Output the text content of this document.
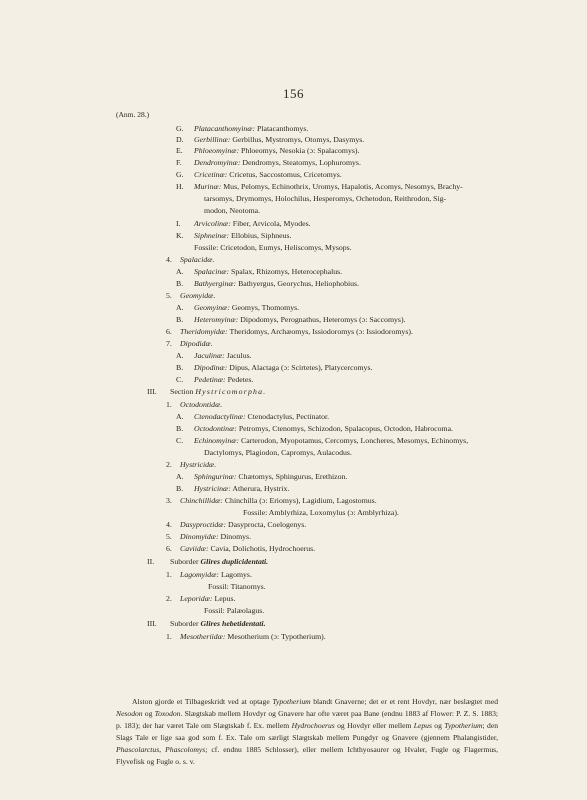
156
(Anm. 28.)
G. Platacanthomyinæ: Platacanthomys.
D. Gerbillinæ: Gerbillus, Mystromys, Otomys, Dasymys.
E. Phloeomyinæ: Phloeomys, Nesokia (ɔ: Spalacomys).
F. Dendromyinæ: Dendromys, Steatomys, Lophuromys.
G. Cricetinæ: Cricetus, Saccostomus, Cricetomys.
H. Murinæ: Mus, Pelomys, Echinothrix, Uromys, Hapalotis, Acomys, Nesomys, Brachy-
tarsomys, Drymomys, Holochilus, Hesperomys, Ochetodon, Reithrodon, Sig-
modon, Neotoma.
I. Arvicolinæ: Fiber, Arvicola, Myodes.
K. Siphneinæ: Ellobius, Siphneus.
Fossile: Cricetodon, Eumys, Heliscomys, Mysops.
4. Spalacidæ.
A. Spalacinæ: Spalax, Rhizomys, Heterocephalus.
B. Bathyerginæ: Bathyergus, Georychus, Heliophobius.
5. Geomyidæ.
A. Geomyinæ: Geomys, Thomomys.
B. Heteromyinæ: Dipodomys, Perognathus, Heteromys (ɔ: Saccomys).
6. Theridomyidæ: Theridomys, Archæomys, Issiodoromys (ɔ: Issiodoromys).
7. Dipodidæ.
A. Jaculinæ: Jaculus.
B. Dipodinæ: Dipus, Alactaga (ɔ: Scirtetes), Platycercomys.
C. Pedetinæ: Pedetes.
III. Section Hystricomorpha.
1. Octodontidæ.
A. Ctenodactylinæ: Ctenodactylus, Pectinator.
B. Octodontinæ: Petromys, Ctenomys, Schizodon, Spalacopus, Octodon, Habrocoma.
C. Echinomyinæ: Carterodon, Myopotamus, Cercomys, Loncheres, Mesomys, Echinomys,
Dactylomys, Plagiodon, Capromys, Aulacodus.
2. Hystricidæ.
A. Sphingurinæ: Chætomys, Sphingurus, Erethizon.
B. Hystricinæ: Atherura, Hystrix.
3. Chinchillidæ: Chinchilla (ɔ: Eriomys), Lagidium, Lagostomus.
Fossile: Amblyrhiza, Loxomylus (ɔ: Amblyrhiza).
4. Dasyproctidæ: Dasyprocta, Coelogenys.
5. Dinomyidæ: Dinomys.
6. Caviidæ: Cavia, Dolichotis, Hydrochoerus.
II. Suborder Glires duplicidentati.
1. Lagomyidæ: Lagomys.
Fossil: Titanomys.
2. Leporidæ: Lepus.
Fossil: Palæolagus.
III. Suborder Glires hebetidentati.
1. Mesotheriidæ: Mesotherium (ɔ: Typotherium).

Alston gjorde et Tilbageskridt ved at optage Typotherium blandt Gnaverne; det er et rent Hovdyr, nær beslægtet med Nesodon og Toxodon. Slægtskab mellem Hovdyr og Gnavere har ofte været paa Bane (endnu 1883 af Flower: P. Z. S. 1883; p. 183); der har været Tale om Slægtskab f. Ex. mellem Hydrochoerus og Hovdyr eller mellem Lepus og Typotherium; den Slags Tale er lige saa god som f. Ex. Tale om særligt Slægtskab mellem Pungdyr og Gnavere (gjennem Phalangistider, Phascolarctus, Phascolomys; cf. endnu 1885 Schlosser), eller mellem Ichthyosaurer og Hvaler, Fugle og Flagermus, Flyvefisk og Fugle o. s. v.
